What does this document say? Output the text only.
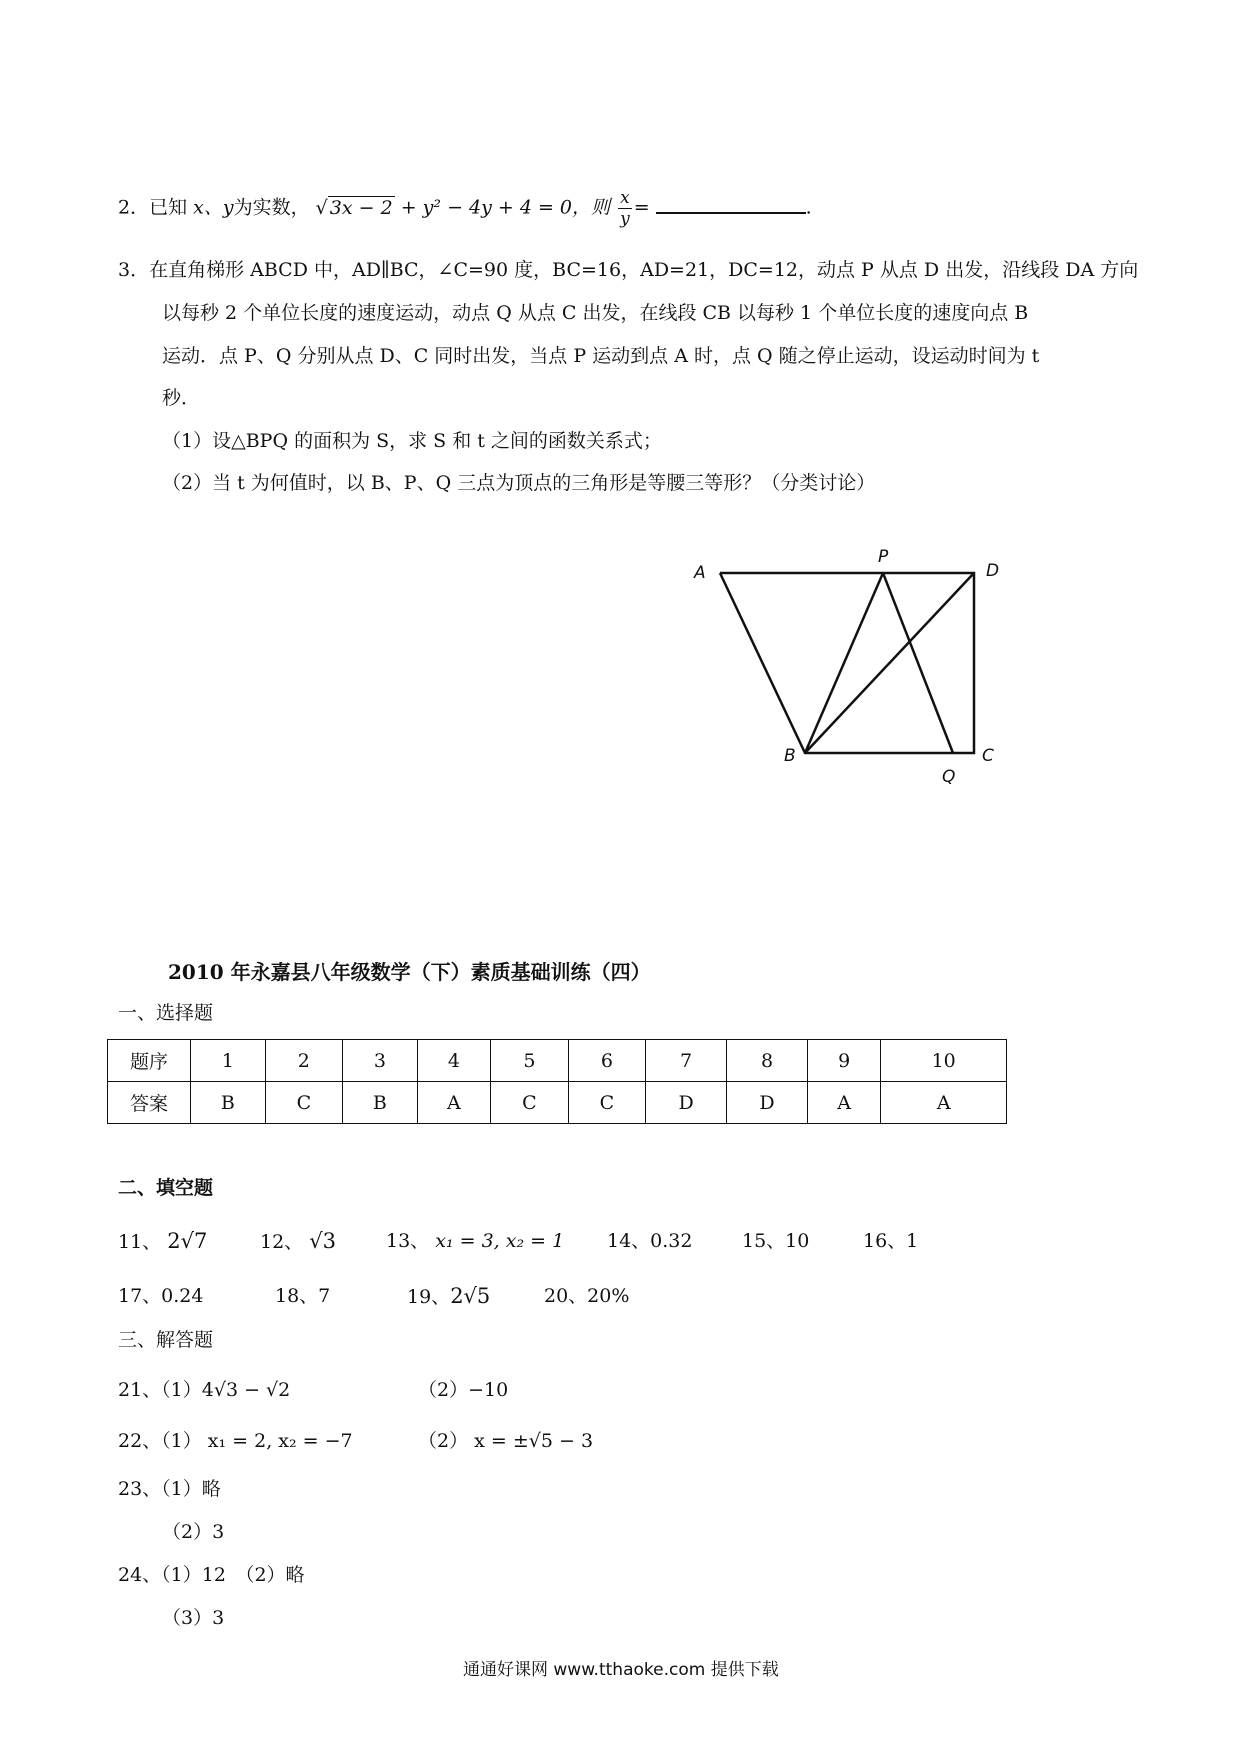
2．已知 x、y为实数， √ 3x − 2 + y² − 4y + 4 = 0，则 $\frac{x}{y}$ =	.
3．在直角梯形 ABCD 中，AD∥BC，∠C=90 度，BC=16，AD=21，DC=12，动点 P 从点 D 出发，沿线段 DA 方向
以每秒 2 个单位长度的速度运动，动点 Q 从点 C 出发，在线段 CB 以每秒 1 个单位长度的速度向点 B
运动．点 P、Q 分别从点 D、C 同时出发，当点 P 运动到点 A 时，点 Q 随之停止运动，设运动时间为 t
秒．
（1）设△BPQ 的面积为 S，求 S 和 t 之间的函数关系式；
（2）当 t 为何值时，以 B、P、Q 三点为顶点的三角形是等腰三等形？（分类讨论）
A
P
D
B
Q
C
2010 年永嘉县八年级数学（下）素质基础训练（四）
一、选择题
题序	1	2	3	4	5	6	7	8	9	10
答案	B	C	B	A	C	C	D	D	A	A
二、填空题
11、 2√7	12、 √3	13、 x₁ = 3, x₂ = 1 14、0.32	15、10	16、1
17、0.24	18、7	19、2√5	20、20%
三、解答题
21、（1）4√3 − √2	（2）−10
22、（1） x₁ = 2, x₂ = −7	（2） x = ±√5 − 3
23、（1）略
（2）3
24、（1）12　（2）略
（3）3
通通好课网 www.tthaoke.com 提供下载
